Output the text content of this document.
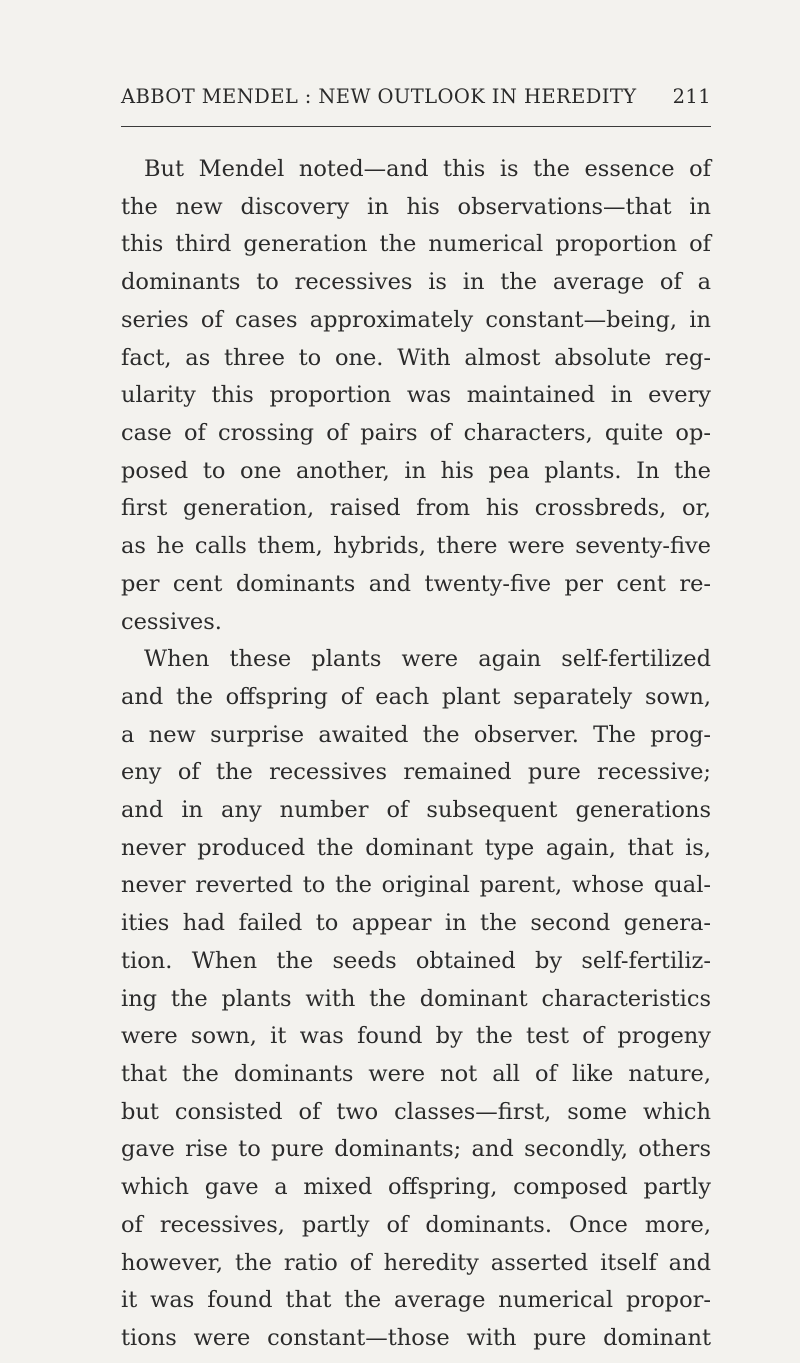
ABBOT MENDEL : NEW OUTLOOK IN HEREDITY 211
But Mendel noted—and this is the essence of
the new discovery in his observations—that in
this third generation the numerical proportion of
dominants to recessives is in the average of a
series of cases approximately constant—being, in
fact, as three to one. With almost absolute reg-
ularity this proportion was maintained in every
case of crossing of pairs of characters, quite op-
posed to one another, in his pea plants. In the
first generation, raised from his crossbreds, or,
as he calls them, hybrids, there were seventy-five
per cent dominants and twenty-five per cent re-
cessives.
When these plants were again self-fertilized
and the offspring of each plant separately sown,
a new surprise awaited the observer. The prog-
eny of the recessives remained pure recessive;
and in any number of subsequent generations
never produced the dominant type again, that is,
never reverted to the original parent, whose qual-
ities had failed to appear in the second genera-
tion. When the seeds obtained by self-fertiliz-
ing the plants with the dominant characteristics
were sown, it was found by the test of progeny
that the dominants were not all of like nature,
but consisted of two classes—first, some which
gave rise to pure dominants; and secondly, others
which gave a mixed offspring, composed partly
of recessives, partly of dominants. Once more,
however, the ratio of heredity asserted itself and
it was found that the average numerical propor-
tions were constant—those with pure dominant
